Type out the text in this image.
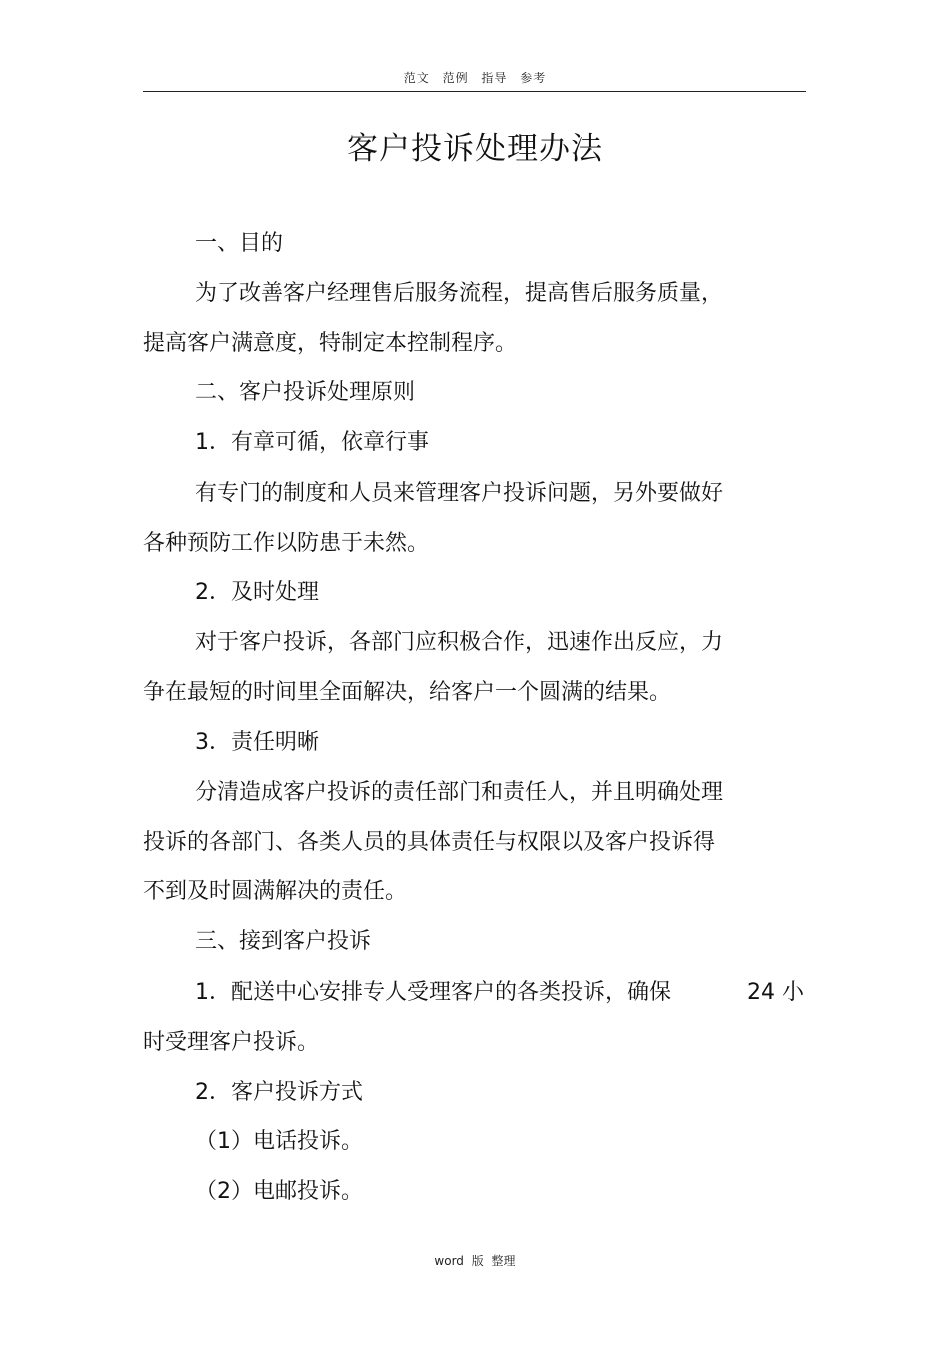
范文 范例 指导 参考
客户投诉处理办法
一、目的
为了改善客户经理售后服务流程，提高售后服务质量，
提高客户满意度，特制定本控制程序。
二、客户投诉处理原则
1．有章可循，依章行事
有专门的制度和人员来管理客户投诉问题，另外要做好
各种预防工作以防患于未然。
2．及时处理
对于客户投诉，各部门应积极合作，迅速作出反应，力
争在最短的时间里全面解决，给客户一个圆满的结果。
3．责任明晰
分清造成客户投诉的责任部门和责任人，并且明确处理
投诉的各部门、各类人员的具体责任与权限以及客户投诉得
不到及时圆满解决的责任。
三、接到客户投诉
1．配送中心安排专人受理客户的各类投诉，确保	24 小
时受理客户投诉。
2．客户投诉方式
（1）电话投诉。
（2）电邮投诉。
word 版 整理
